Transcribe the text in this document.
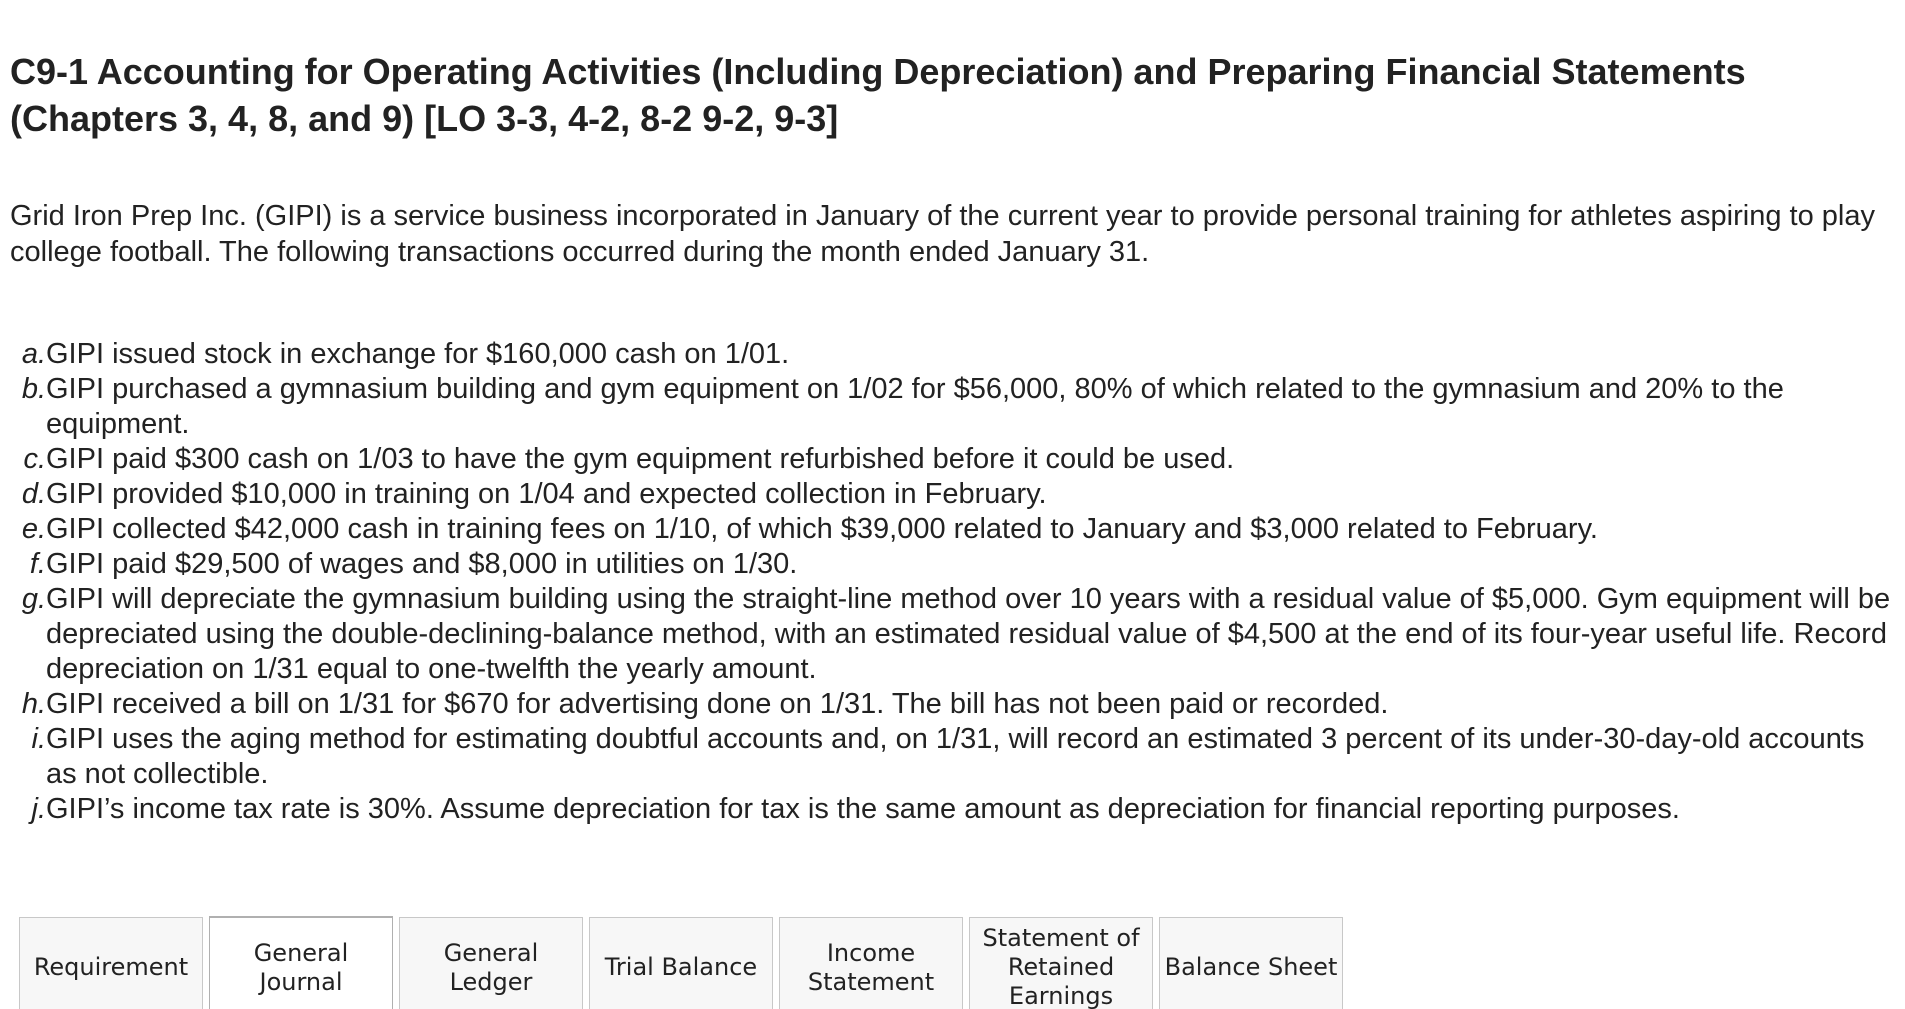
C9-1 Accounting for Operating Activities (Including Depreciation) and Preparing Financial Statements (Chapters 3, 4, 8, and 9) [LO 3-3, 4-2, 8-2 9-2, 9-3]

Grid Iron Prep Inc. (GIPI) is a service business incorporated in January of the current year to provide personal training for athletes aspiring to play college football. The following transactions occurred during the month ended January 31.

a. GIPI issued stock in exchange for $160,000 cash on 1/01.
b. GIPI purchased a gymnasium building and gym equipment on 1/02 for $56,000, 80% of which related to the gymnasium and 20% to the equipment.
c. GIPI paid $300 cash on 1/03 to have the gym equipment refurbished before it could be used.
d. GIPI provided $10,000 in training on 1/04 and expected collection in February.
e. GIPI collected $42,000 cash in training fees on 1/10, of which $39,000 related to January and $3,000 related to February.
f. GIPI paid $29,500 of wages and $8,000 in utilities on 1/30.
g. GIPI will depreciate the gymnasium building using the straight-line method over 10 years with a residual value of $5,000. Gym equipment will be depreciated using the double-declining-balance method, with an estimated residual value of $4,500 at the end of its four-year useful life. Record depreciation on 1/31 equal to one-twelfth the yearly amount.
h. GIPI received a bill on 1/31 for $670 for advertising done on 1/31. The bill has not been paid or recorded.
i. GIPI uses the aging method for estimating doubtful accounts and, on 1/31, will record an estimated 3 percent of its under-30-day-old accounts as not collectible.
j. GIPI’s income tax rate is 30%. Assume depreciation for tax is the same amount as depreciation for financial reporting purposes.
Requirement
General
Journal
General
Ledger
Trial Balance
Income
Statement
Statement of
Retained
Earnings
Balance Sheet
